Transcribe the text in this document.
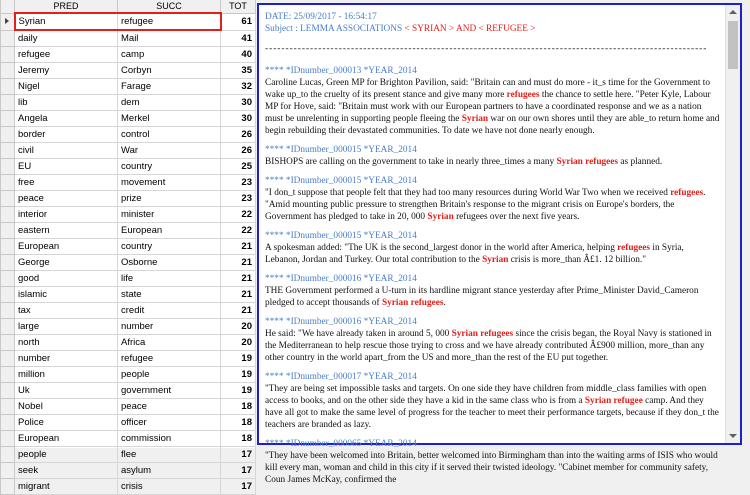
	PRED	SUCC	TOT
	Syrian	refugee	61
	daily	Mail	41
	refugee	camp	40
	Jeremy	Corbyn	35
	Nigel	Farage	32
	lib	dem	30
	Angela	Merkel	30
	border	control	26
	civil	War	26
	EU	country	25
	free	movement	23
	peace	prize	23
	interior	minister	22
	eastern	European	22
	European	country	21
	George	Osborne	21
	good	life	21
	islamic	state	21
	tax	credit	21
	large	number	20
	north	Africa	20
	number	refugee	19
	million	people	19
	Uk	government	19
	Nobel	peace	18
	Police	officer	18
	European	commission	18
	people	flee	17
	seek	asylum	17
	migrant	crisis	17
DATE: 25/09/2017 - 16:54:17
Subject : LEMMA ASSOCIATIONS < SYRIAN > AND < REFUGEE >
------------------------------------------------------------------------------------------------------------
**** *IDnumber_000013 *YEAR_2014

Caroline Lucas, Green MP for Brighton Pavilion, said: "Britain can and must do more - it_s time for the Government to wake up_to the cruelty of its present stance and give many more refugees the chance to settle here. "Peter Kyle, Labour MP for Hove, said: "Britain must work with our European partners to have a coordinated response and we as a nation must be unrelenting in supporting people fleeing the Syrian war on our own shores until they are able_to return home and begin rebuilding their devastated communities. To date we have not done nearly enough.

**** *IDnumber_000015 *YEAR_2014

BISHOPS are calling on the government to take in nearly three_times a many Syrian refugees as planned.

**** *IDnumber_000015 *YEAR_2014

"I don_t suppose that people felt that they had too many resources during World War Two when we received refugees. "Amid mounting public pressure to strengthen Britain's response to the migrant crisis on Europe's borders, the Government has pledged to take in 20, 000 Syrian refugees over the next five years.

**** *IDnumber_000015 *YEAR_2014

A spokesman added: "The UK is the second_largest donor in the world after America, helping refugees in Syria, Lebanon, Jordan and Turkey. Our total contribution to the Syrian crisis is more_than Â£1. 12 billion."

**** *IDnumber_000016 *YEAR_2014

THE Government performed a U-turn in its hardline migrant stance yesterday after Prime_Minister David_Cameron pledged to accept thousands of Syrian refugees.

**** *IDnumber_000016 *YEAR_2014

He said: "We have already taken in around 5, 000 Syrian refugees since the crisis began, the Royal Navy is stationed in the Mediterranean to help rescue those trying to cross and we have already contributed Â£900 million, more_than any other country in the world apart_from the US and more_than the rest of the EU put together.

**** *IDnumber_000017 *YEAR_2014

"They are being set impossible tasks and targets. On one side they have children from middle_class families with open access to books, and on the other side they have a kid in the same class who is from a Syrian refugee camp. And they have all got to make the same level of progress for the teacher to meet their performance targets, because if they don_t the teachers are branded as lazy.

**** *IDnumber_000065 *YEAR_2014

"They have been welcomed into Britain, better welcomed into Birmingham than into the waiting arms of ISIS who would kill every man, woman and child in this city if it served their twisted ideology. "Cabinet member for community safety, Coun James McKay, confirmed the
